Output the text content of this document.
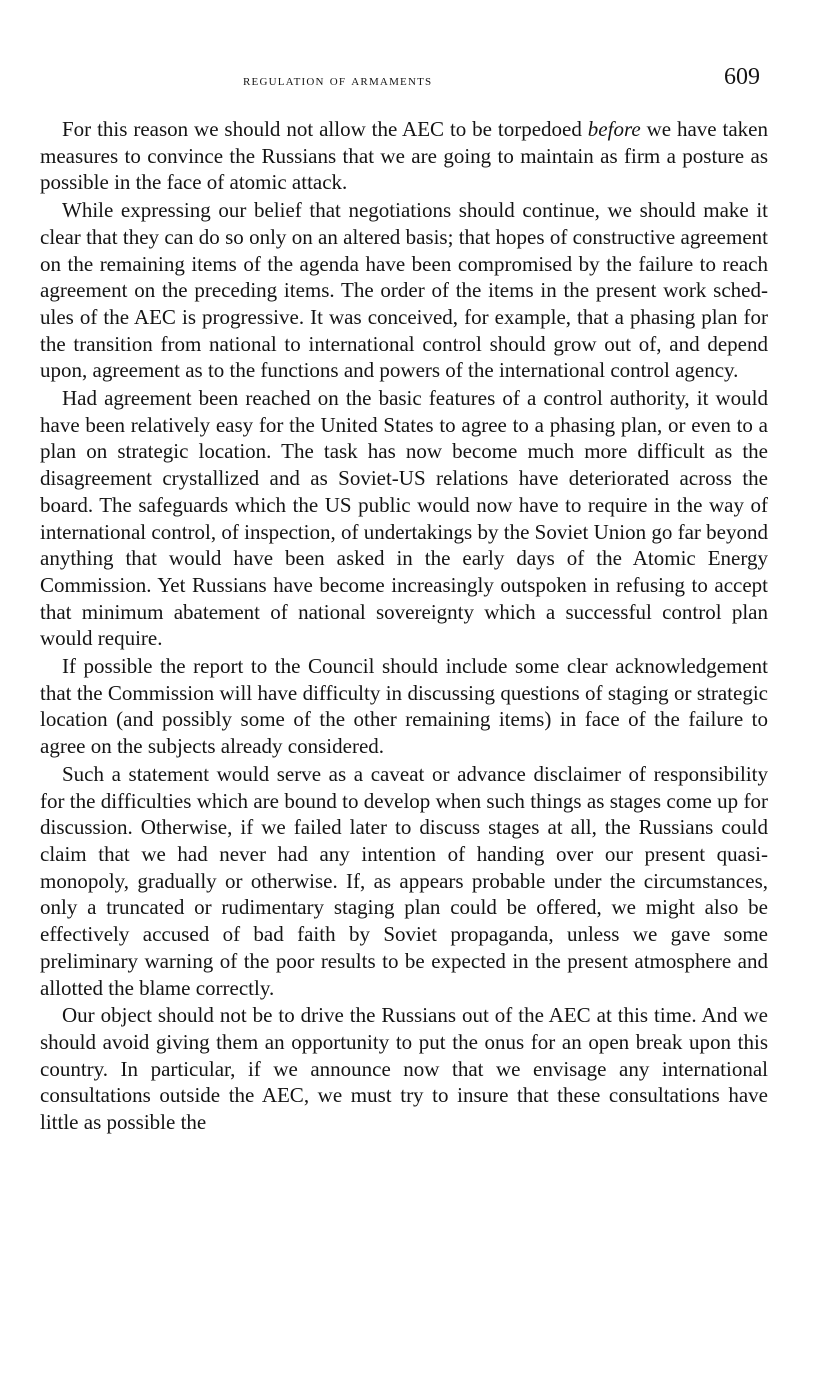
regulation of armaments	609

For this reason we should not allow the AEC to be torpedoed before we have taken measures to convince the Russians that we are going to maintain as firm a posture as possible in the face of atomic attack.

While expressing our belief that negotiations should continue, we should make it clear that they can do so only on an altered basis; that hopes of constructive agreement on the remaining items of the agenda have been compromised by the failure to reach agreement on the preceding items. The order of the items in the present work schedules of the AEC is progressive. It was conceived, for example, that a phasing plan for the transition from national to international control should grow out of, and depend upon, agreement as to the functions and powers of the international control agency.

Had agreement been reached on the basic features of a control authority, it would have been relatively easy for the United States to agree to a phasing plan, or even to a plan on strategic location. The task has now become much more difficult as the disagreement crystallized and as Soviet-US relations have deteriorated across the board. The safeguards which the US public would now have to require in the way of international control, of inspection, of undertakings by the Soviet Union go far beyond anything that would have been asked in the early days of the Atomic Energy Commission. Yet Russians have become increasingly outspoken in refusing to accept that minimum abatement of national sovereignty which a successful control plan would require.

If possible the report to the Council should include some clear acknowledgement that the Commission will have difficulty in discussing questions of staging or strategic location (and possibly some of the other remaining items) in face of the failure to agree on the subjects already considered.

Such a statement would serve as a caveat or advance disclaimer of responsibility for the difficulties which are bound to develop when such things as stages come up for discussion. Otherwise, if we failed later to discuss stages at all, the Russians could claim that we had never had any intention of handing over our present quasi-monopoly, gradually or otherwise. If, as appears probable under the circumstances, only a truncated or rudimentary staging plan could be offered, we might also be effectively accused of bad faith by Soviet propaganda, unless we gave some preliminary warning of the poor results to be expected in the present atmosphere and allotted the blame correctly.

Our object should not be to drive the Russians out of the AEC at this time. And we should avoid giving them an opportunity to put the onus for an open break upon this country. In particular, if we announce now that we envisage any international consultations outside the AEC, we must try to insure that these consultations have little as possible the
